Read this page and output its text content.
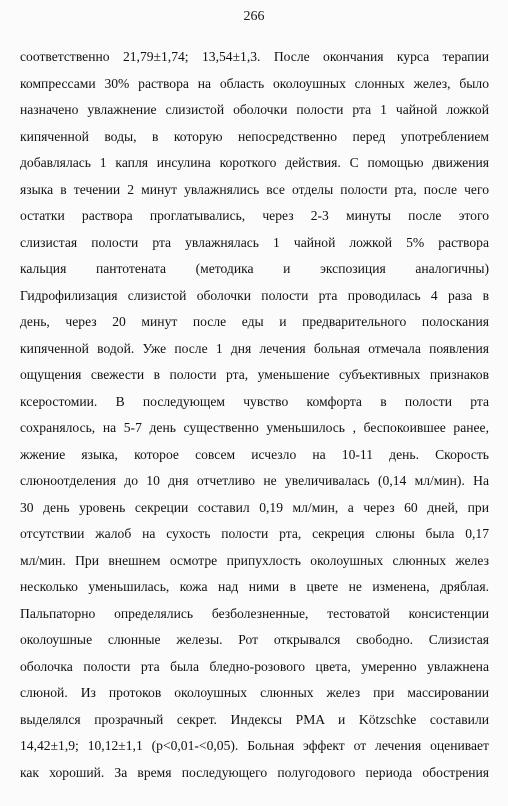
266
соответственно 21,79±1,74; 13,54±1,3. После окончания курса терапии
компрессами 30% раствора на область околоушных слонных желез, было
назначено увлажнение слизистой оболочки полости рта 1 чайной ложкой
кипяченной воды, в которую непосредственно перед употреблением
добавлялась 1 капля инсулина короткого действия. С помощью движения
языка в течении 2 минут увлажнялись все отделы полости рта, после чего
остатки раствора проглатывались, через 2-3 минуты после этого
слизистая полости рта увлажнялась 1 чайной ложкой 5% раствора
кальция пантотената (методика и экспозиция аналогичны)
Гидрофилизация слизистой оболочки полости рта проводилась 4 раза в
день, через 20 минут после еды и предварительного полоскания
кипяченной водой. Уже после 1 дня лечения больная отмечала появления
ощущения свежести в полости рта, уменьшение субъективных признаков
ксеростомии. В последующем чувство комфорта в полости рта
сохранялось, на 5-7 день существенно уменьшилось , беспокоившее ранее,
жжение языка, которое совсем исчезло на 10-11 день. Скорость
слюноотделения до 10 дня отчетливо не увеличивалась (0,14 мл/мин). На
30 день уровень секреции составил 0,19 мл/мин, а через 60 дней, при
отсутствии жалоб на сухость полости рта, секреция слюны была 0,17
мл/мин. При внешнем осмотре припухлость околоушных слюнных желез
несколько уменьшилась, кожа над ними в цвете не изменена, дряблая.
Пальпаторно определялись безболезненные, тестоватой консистенции
околоушные слюнные железы. Рот открывался свободно. Слизистая
оболочка полости рта была бледно-розового цвета, умеренно увлажнена
слюной. Из протоков околоушных слюнных желез при массировании
выделялся прозрачный секрет. Индексы PMA и Kötzschke составили
14,42±1,9; 10,12±1,1 (р<0,01-<0,05). Больная эффект от лечения оценивает
как хороший. За время последующего полугодового периода обострения
